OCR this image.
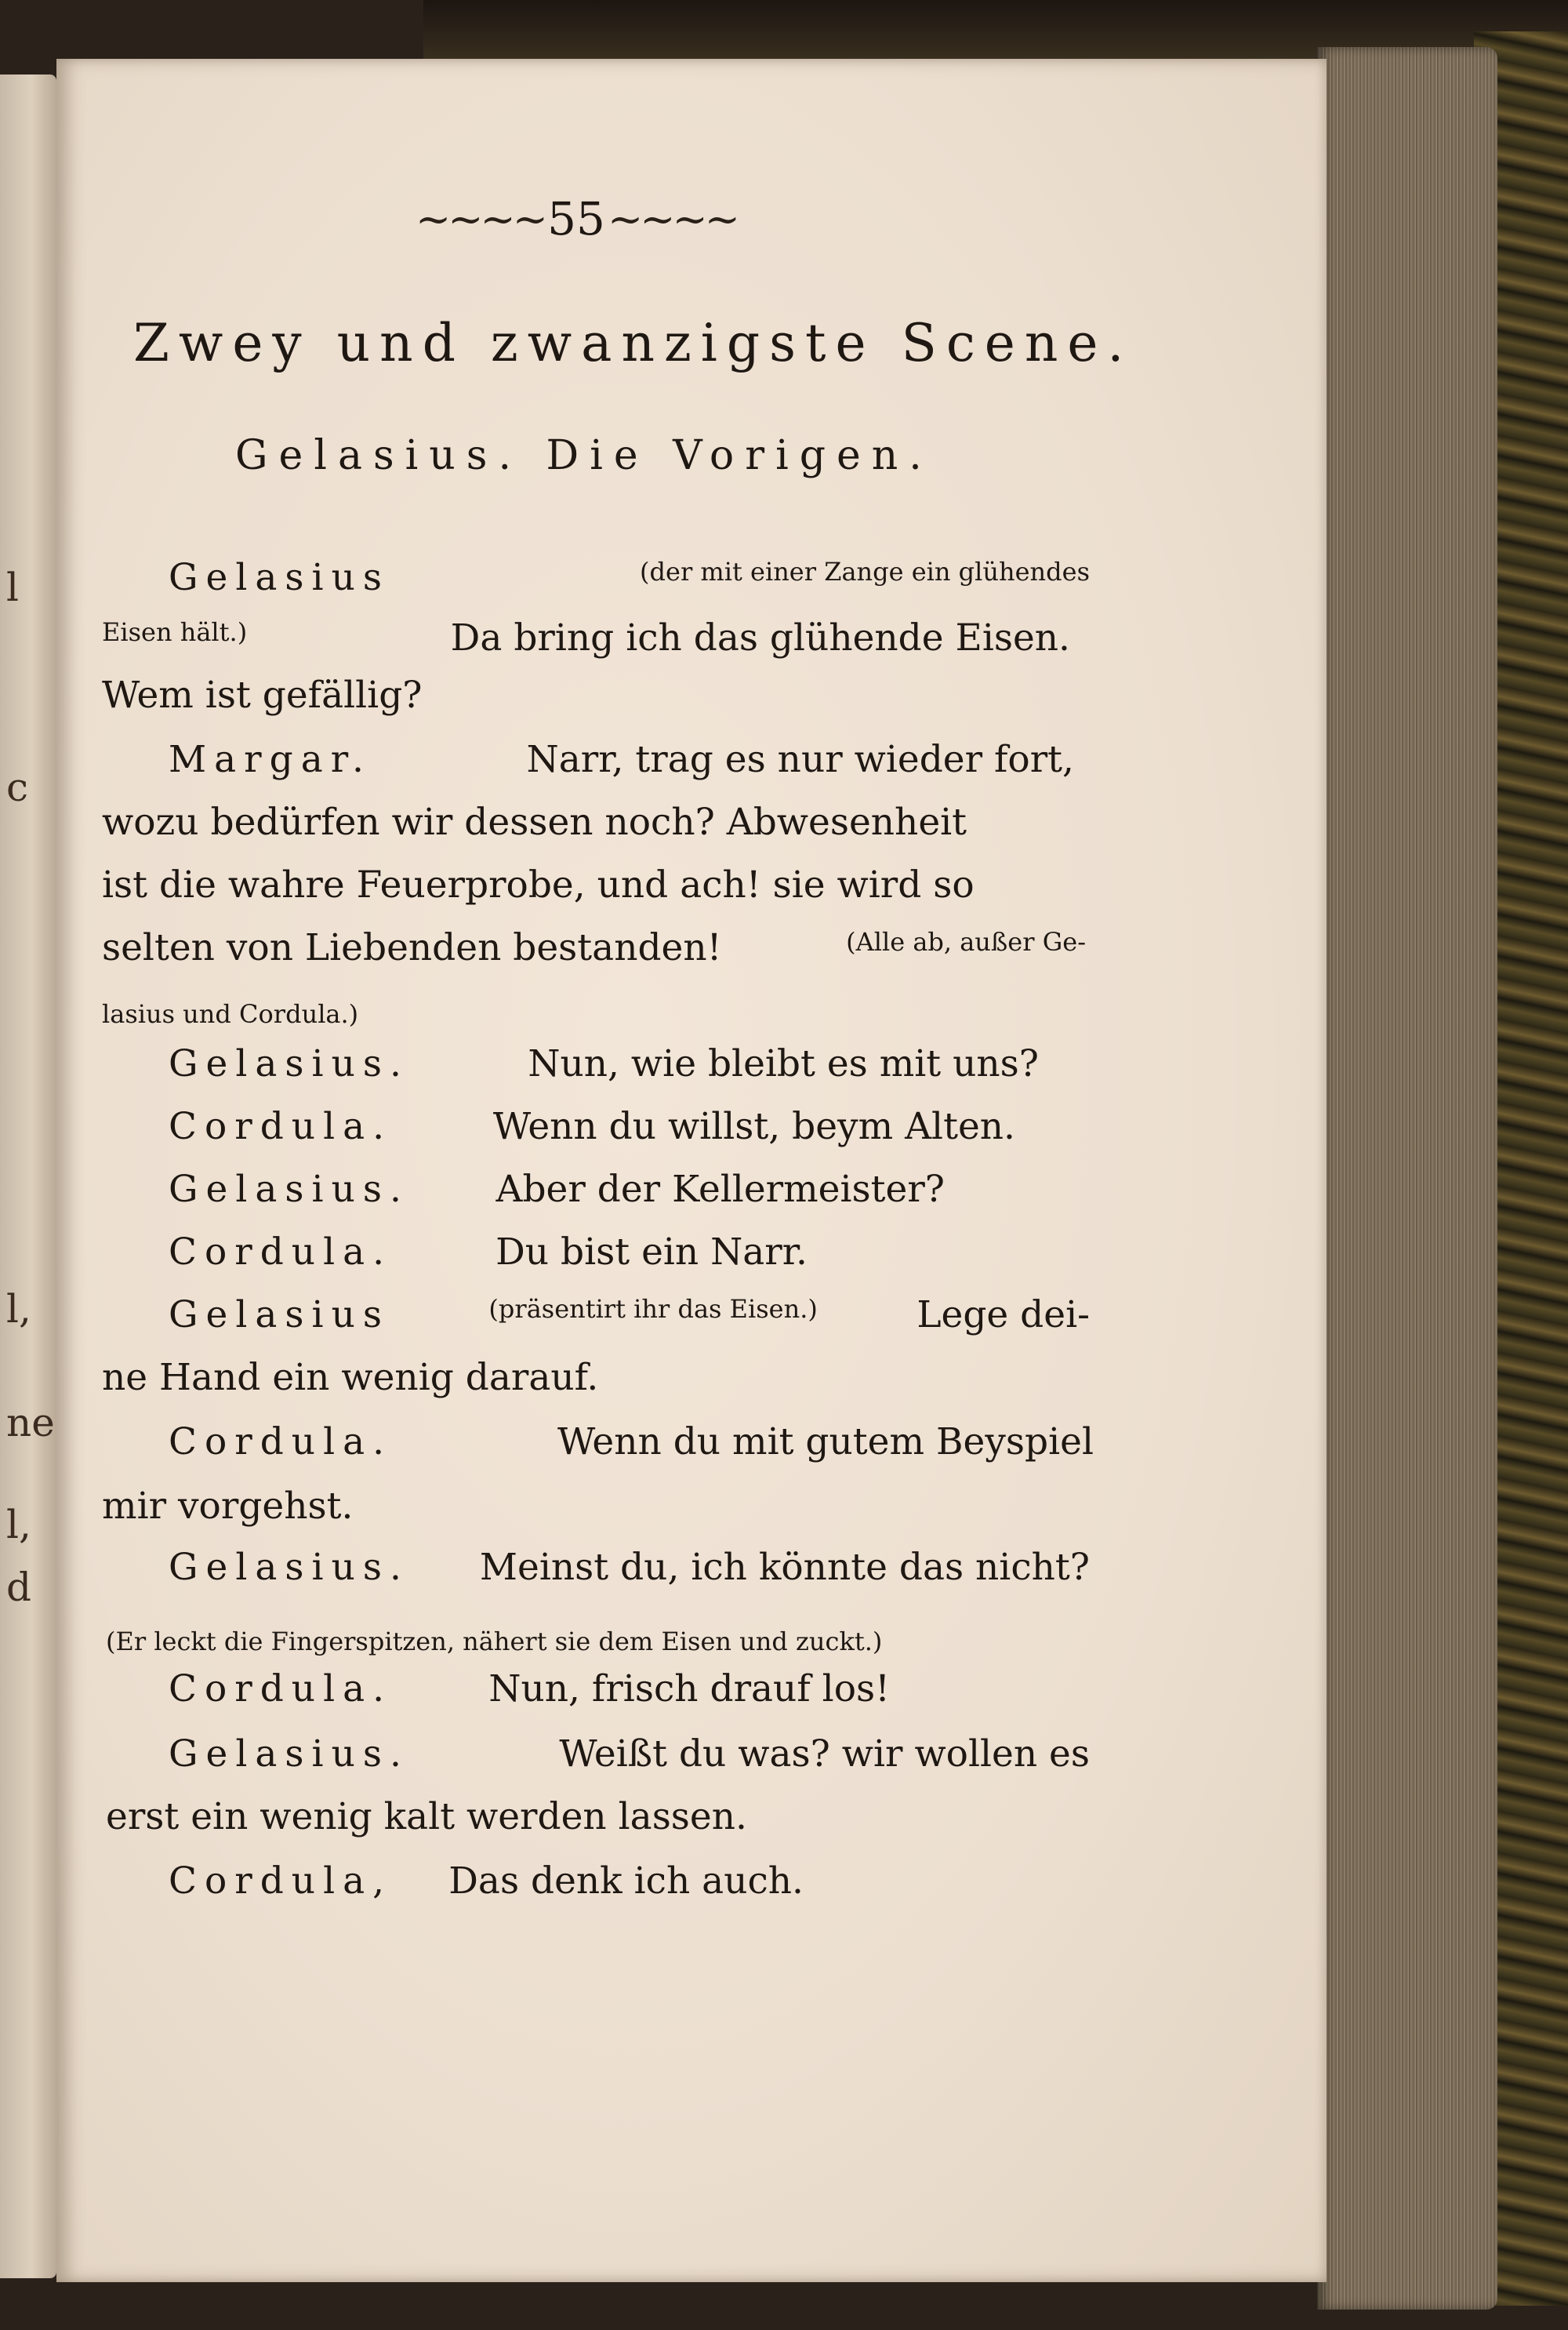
l
c
l,
ne
l,
d
~~~~ 55 ~~~~
Zwey und zwanzigste Scene.
Gelasius. Die Vorigen.
Gelasius	(der mit einer Zange ein glühendes
Eisen hält.)	Da bring ich das glühende Eisen.
Wem ist gefällig?
Margar.	Narr, trag es nur wieder fort,
wozu bedürfen wir dessen noch? Abwesenheit
ist die wahre Feuerprobe, und ach! sie wird so
selten von Liebenden bestanden!	(Alle ab, außer Ge-
lasius und Cordula.)
Gelasius.	Nun, wie bleibt es mit uns?
Cordula.	Wenn du willst, beym Alten.
Gelasius. Aber der Kellermeister?
Cordula.	Du bist ein Narr.
Gelasius	(präsentirt ihr das Eisen.)	Lege dei-
ne Hand ein wenig darauf.
Cordula.	Wenn du mit gutem Beyspiel
mir vorgehst.
Gelasius. Meinst du, ich könnte das nicht?
(Er leckt die Fingerspitzen, nähert sie dem Eisen und zuckt.)
Cordula.	Nun, frisch drauf los!
Gelasius.	Weißt du was? wir wollen es
erst ein wenig kalt werden lassen.
Cordula, Das denk ich auch.
